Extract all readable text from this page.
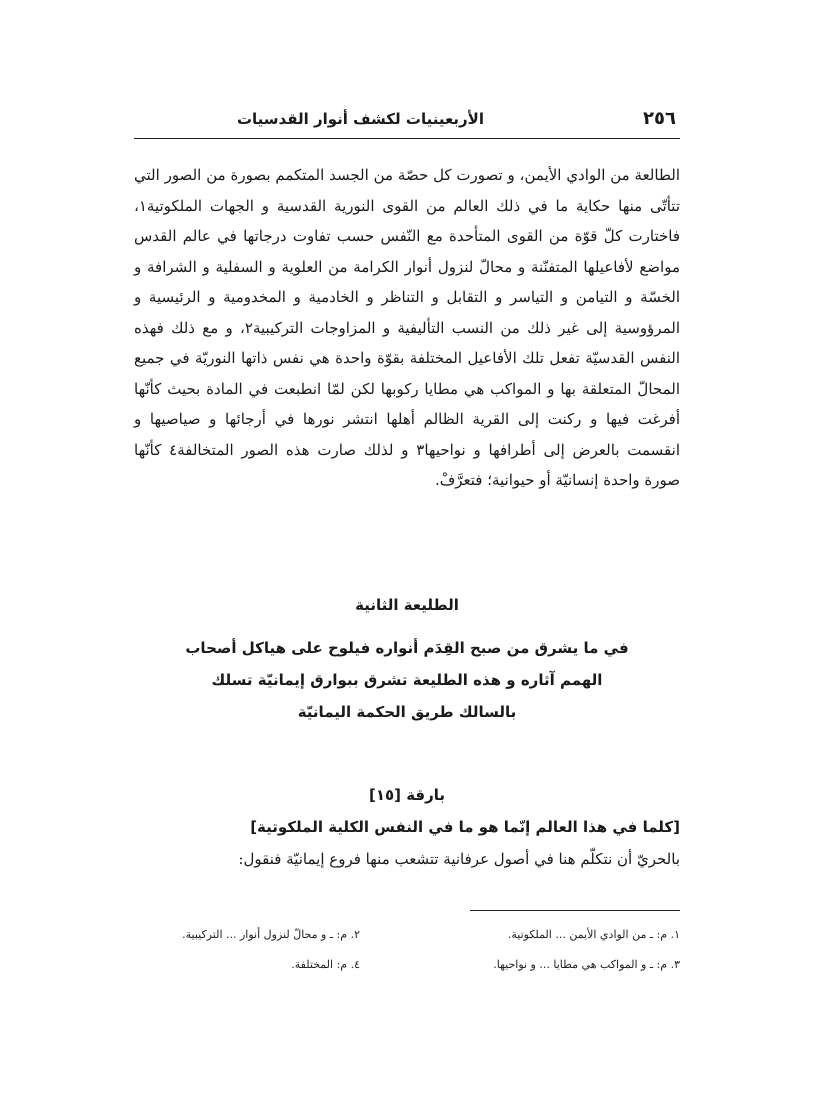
٢٥٦
الأربعينيات لكشف أنوار القدسيات

الطالعة من الوادي الأيمن، و تصورت كل حصّة من الجسد المتكمم بصورة من الصور التي تتأتّى منها حكاية ما في ذلك العالم من القوى النورية القدسية و الجهات الملكوتية١، فاختارت كلّ قوّة من القوى المتأحدة مع النّفس حسب تفاوت درجاتها في عالم القدس مواضع لأفاعيلها المتفنّنة و محالّ لنزول أنوار الكرامة من العلوية و السفلية و الشرافة و الخسّة و التيامن و التياسر و التقابل و التناظر و الخادمية و المخدومية و الرئيسية و المرؤوسية إلى غير ذلك من النسب التأليفية و المزاوجات التركيبية٢، و مع ذلك فهذه النفس القدسيّة تفعل تلك الأفاعيل المختلفة بقوّة واحدة هي نفس ذاتها النوريّة في جميع المحالّ المتعلقة بها و المواكب هي مطايا ركوبها لكن لمّا انطبعت في المادة بحيث كأنّها أفرغت فيها و ركنت إلى القرية الظالم أهلها انتشر نورها في أرجائها و صياصيها و انقسمت بالعرض إلى أطرافها و نواحيها٣ و لذلك صارت هذه الصور المتخالفة٤ كأنّها صورة واحدة إنسانيّة أو حيوانية؛ فتعرَّفْ.

الطليعة الثانية
في ما يشرق من صبح القِدَم أنواره فيلوح على هياكل أصحاب
الهمم آثاره و هذه الطليعة تشرق ببوارق إيمانيّة تسلك
بالسالك طريق الحكمة اليمانيّة
بارقة [١٥]

[كلما في هذا العالم إنّما هو ما في النفس الكلية الملكوتية]

بالحريّ أن نتكلّم هنا في أصول عرفانية تتشعب منها فروع إيمانيّة فنقول:

١. م: ـ من الوادي الأيمن ... الملكوتية.
٢. م: ـ و محالّ لنزول أنوار ... التركيبية.
٣. م: ـ و المواكب هي مطايا ... و نواحيها.
٤. م: المختلفة.
